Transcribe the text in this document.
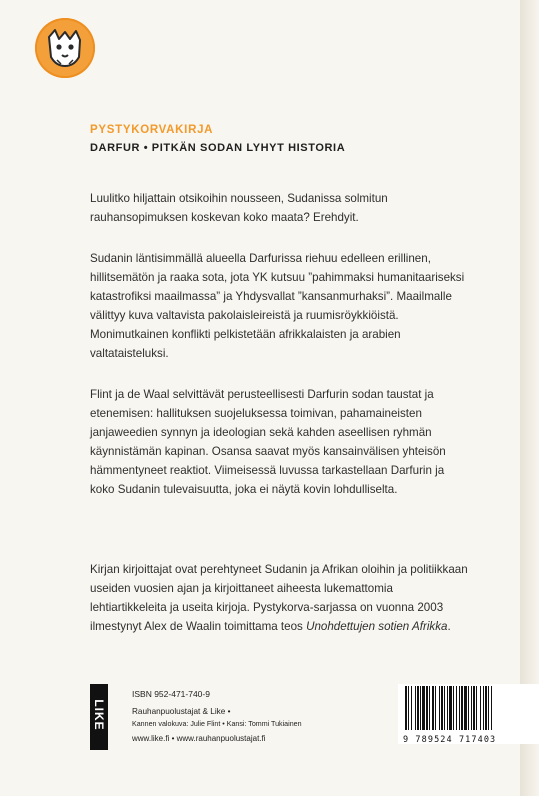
PYSTYKORVAKIRJA
DARFUR • PITKÄN SODAN LYHYT HISTORIA

Luulitko hiljattain otsikoihin nousseen, Sudanissa solmitun rauhansopimuksen koskevan koko maata? Erehdyit.

Sudanin läntisimmällä alueella Darfurissa riehuu edelleen erillinen, hillitsemätön ja raaka sota, jota YK kutsuu ”pahimmaksi humanitaariseksi katastrofiksi maailmassa” ja Yhdysvallat ”kansanmurhaksi”. Maailmalle välittyy kuva valtavista pakolaisleireistä ja ruumisröykkiöistä. Monimutkainen konflikti pelkistetään afrikkalaisten ja arabien valtataisteluksi.

Flint ja de Waal selvittävät perusteellisesti Darfurin sodan taustat ja etenemisen: hallituksen suojeluksessa toimivan, pahamaineisten janjaweedien synnyn ja ideologian sekä kahden aseellisen ryhmän käynnistämän kapinan. Osansa saavat myös kansainvälisen yhteisön hämmentyneet reaktiot. Viimeisessä luvussa tarkastellaan Darfurin ja koko Sudanin tulevaisuutta, joka ei näytä kovin lohdulliselta.

Kirjan kirjoittajat ovat perehtyneet Sudanin ja Afrikan oloihin ja politiikkaan useiden vuosien ajan ja kirjoittaneet aiheesta lukemattomia lehtiartikkeleita ja useita kirjoja. Pystykorva-sarjassa on vuonna 2003 ilmestynyt Alex de Waalin toimittama teos Unohdettujen sotien Afrikka.

LIKE
ISBN 952-471-740-9
Rauhanpuolustajat & Like •
Kannen valokuva: Julie Flint • Kansi: Tommi Tukiainen
www.like.fi • www.rauhanpuolustajat.fi	9 789524 717403
